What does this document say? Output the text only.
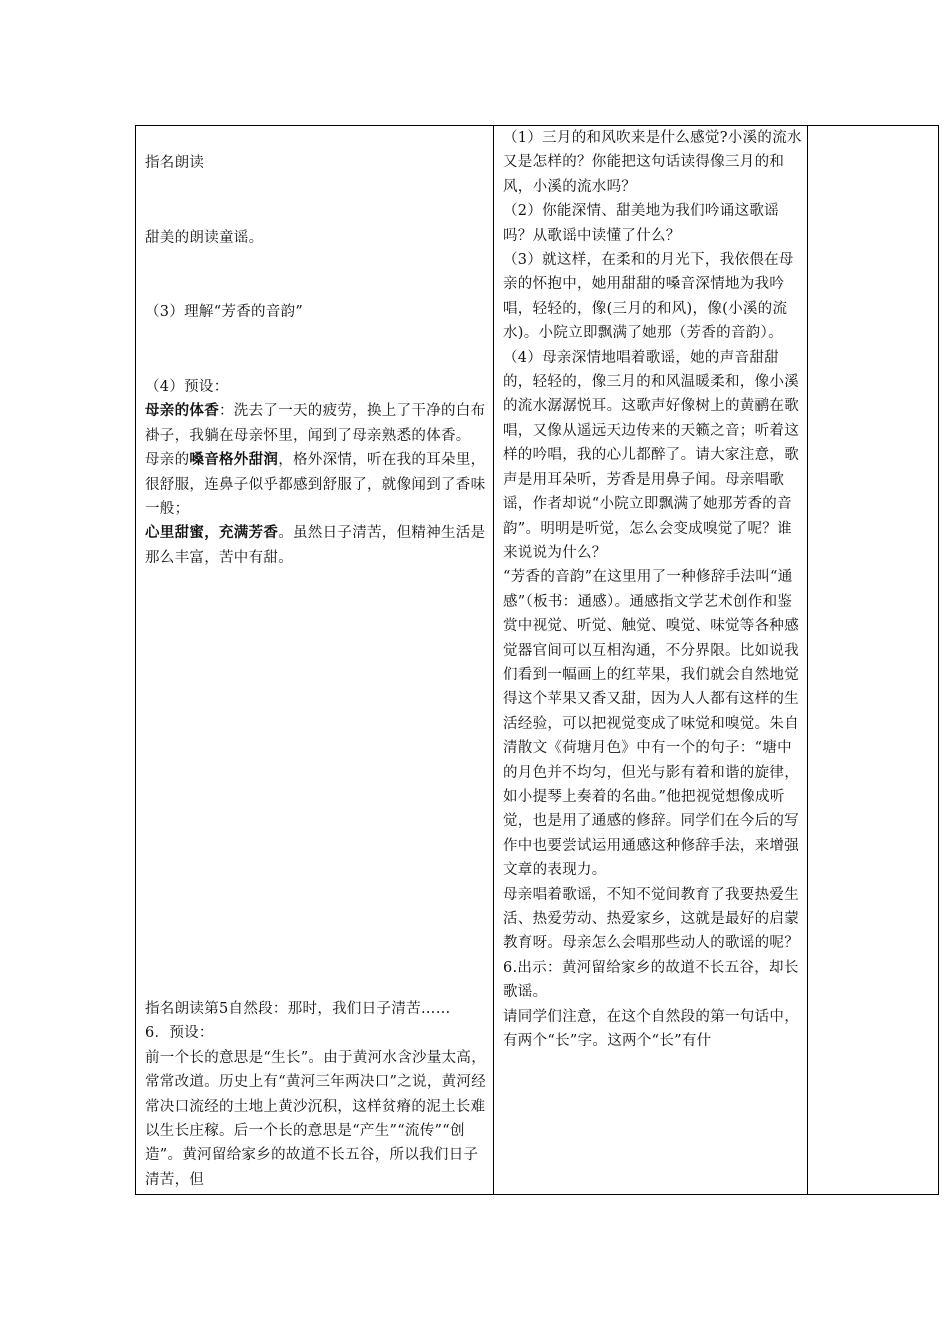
指名朗读

甜美的朗读童谣。

（3）理解“芳香的音韵”

（4）预设：

母亲的体香：洗去了一天的疲劳，换上了干净的白布褂子，我躺在母亲怀里，闻到了母亲熟悉的体香。

母亲的嗓音格外甜润，格外深情，听在我的耳朵里，很舒服，连鼻子似乎都感到舒服了，就像闻到了香味一般；

心里甜蜜，充满芳香。虽然日子清苦，但精神生活是那么丰富，苦中有甜。

指名朗读第5自然段：那时，我们日子清苦……

6．预设：

前一个长的意思是“生长”。由于黄河水含沙量太高，常常改道。历史上有“黄河三年两决口”之说，黄河经常决口流经的土地上黄沙沉积，这样贫瘠的泥土长难以生长庄稼。后一个长的意思是“产生”“流传”“创造”。黄河留给家乡的故道不长五谷，所以我们日子清苦，但

（1）三月的和风吹来是什么感觉?小溪的流水又是怎样的？你能把这句话读得像三月的和风，小溪的流水吗？

（2）你能深情、甜美地为我们吟诵这歌谣吗？从歌谣中读懂了什么？

（3）就这样，在柔和的月光下，我依偎在母亲的怀抱中，她用甜甜的嗓音深情地为我吟唱，轻轻的，像(三月的和风)，像(小溪的流水)。小院立即飘满了她那（芳香的音韵）。

（4）母亲深情地唱着歌谣，她的声音甜甜的，轻轻的，像三月的和风温暖柔和，像小溪的流水潺潺悦耳。这歌声好像树上的黄鹂在歌唱，又像从遥远天边传来的天籁之音；听着这样的吟唱，我的心儿都醉了。请大家注意，歌声是用耳朵听，芳香是用鼻子闻。母亲唱歌谣，作者却说“小院立即飘满了她那芳香的音韵”。明明是听觉，怎么会变成嗅觉了呢？谁来说说为什么？

“芳香的音韵”在这里用了一种修辞手法叫“通感”（板书：通感）。通感指文学艺术创作和鉴赏中视觉、听觉、触觉、嗅觉、味觉等各种感觉器官间可以互相沟通，不分界限。比如说我们看到一幅画上的红苹果，我们就会自然地觉得这个苹果又香又甜，因为人人都有这样的生活经验，可以把视觉变成了味觉和嗅觉。朱自清散文《荷塘月色》中有一个的句子：“塘中的月色并不均匀，但光与影有着和谐的旋律，如小提琴上奏着的名曲。”他把视觉想像成听觉，也是用了通感的修辞。同学们在今后的写作中也要尝试运用通感这种修辞手法，来增强文章的表现力。

母亲唱着歌谣，不知不觉间教育了我要热爱生活、热爱劳动、热爱家乡，这就是最好的启蒙教育呀。母亲怎么会唱那些动人的歌谣的呢？

6.出示：黄河留给家乡的故道不长五谷，却长歌谣。

请同学们注意，在这个自然段的第一句话中，有两个“长”字。这两个“长”有什
